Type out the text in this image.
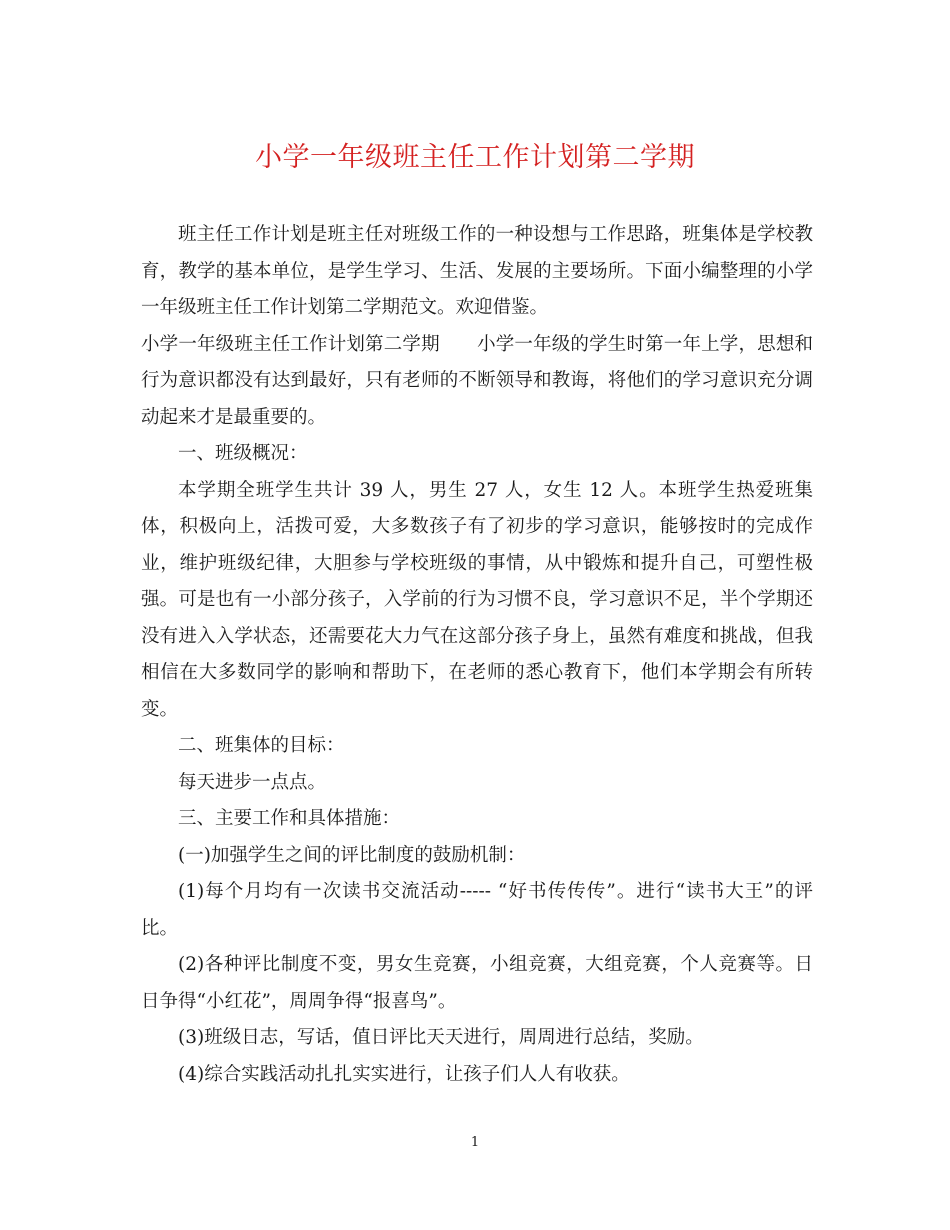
小学一年级班主任工作计划第二学期

班主任工作计划是班主任对班级工作的一种设想与工作思路，班集体是学校教育，教学的基本单位，是学生学习、生活、发展的主要场所。下面小编整理的小学一年级班主任工作计划第二学期范文。欢迎借鉴。

小学一年级班主任工作计划第二学期　　小学一年级的学生时第一年上学，思想和行为意识都没有达到最好，只有老师的不断领导和教诲，将他们的学习意识充分调动起来才是最重要的。

一、班级概况：

本学期全班学生共计 39 人，男生 27 人，女生 12 人。本班学生热爱班集体，积极向上，活拨可爱，大多数孩子有了初步的学习意识，能够按时的完成作业，维护班级纪律，大胆参与学校班级的事情，从中锻炼和提升自己，可塑性极强。可是也有一小部分孩子，入学前的行为习惯不良，学习意识不足，半个学期还没有进入入学状态，还需要花大力气在这部分孩子身上，虽然有难度和挑战，但我相信在大多数同学的影响和帮助下，在老师的悉心教育下，他们本学期会有所转变。

二、班集体的目标：

每天进步一点点。

三、主要工作和具体措施：

(一)加强学生之间的评比制度的鼓励机制：

(1)每个月均有一次读书交流活动----- “好书传传传”。进行“读书大王”的评比。

(2)各种评比制度不变，男女生竞赛，小组竞赛，大组竞赛，个人竞赛等。日日争得“小红花”，周周争得“报喜鸟”。

(3)班级日志，写话，值日评比天天进行，周周进行总结，奖励。

(4)综合实践活动扎扎实实进行，让孩子们人人有收获。

1
